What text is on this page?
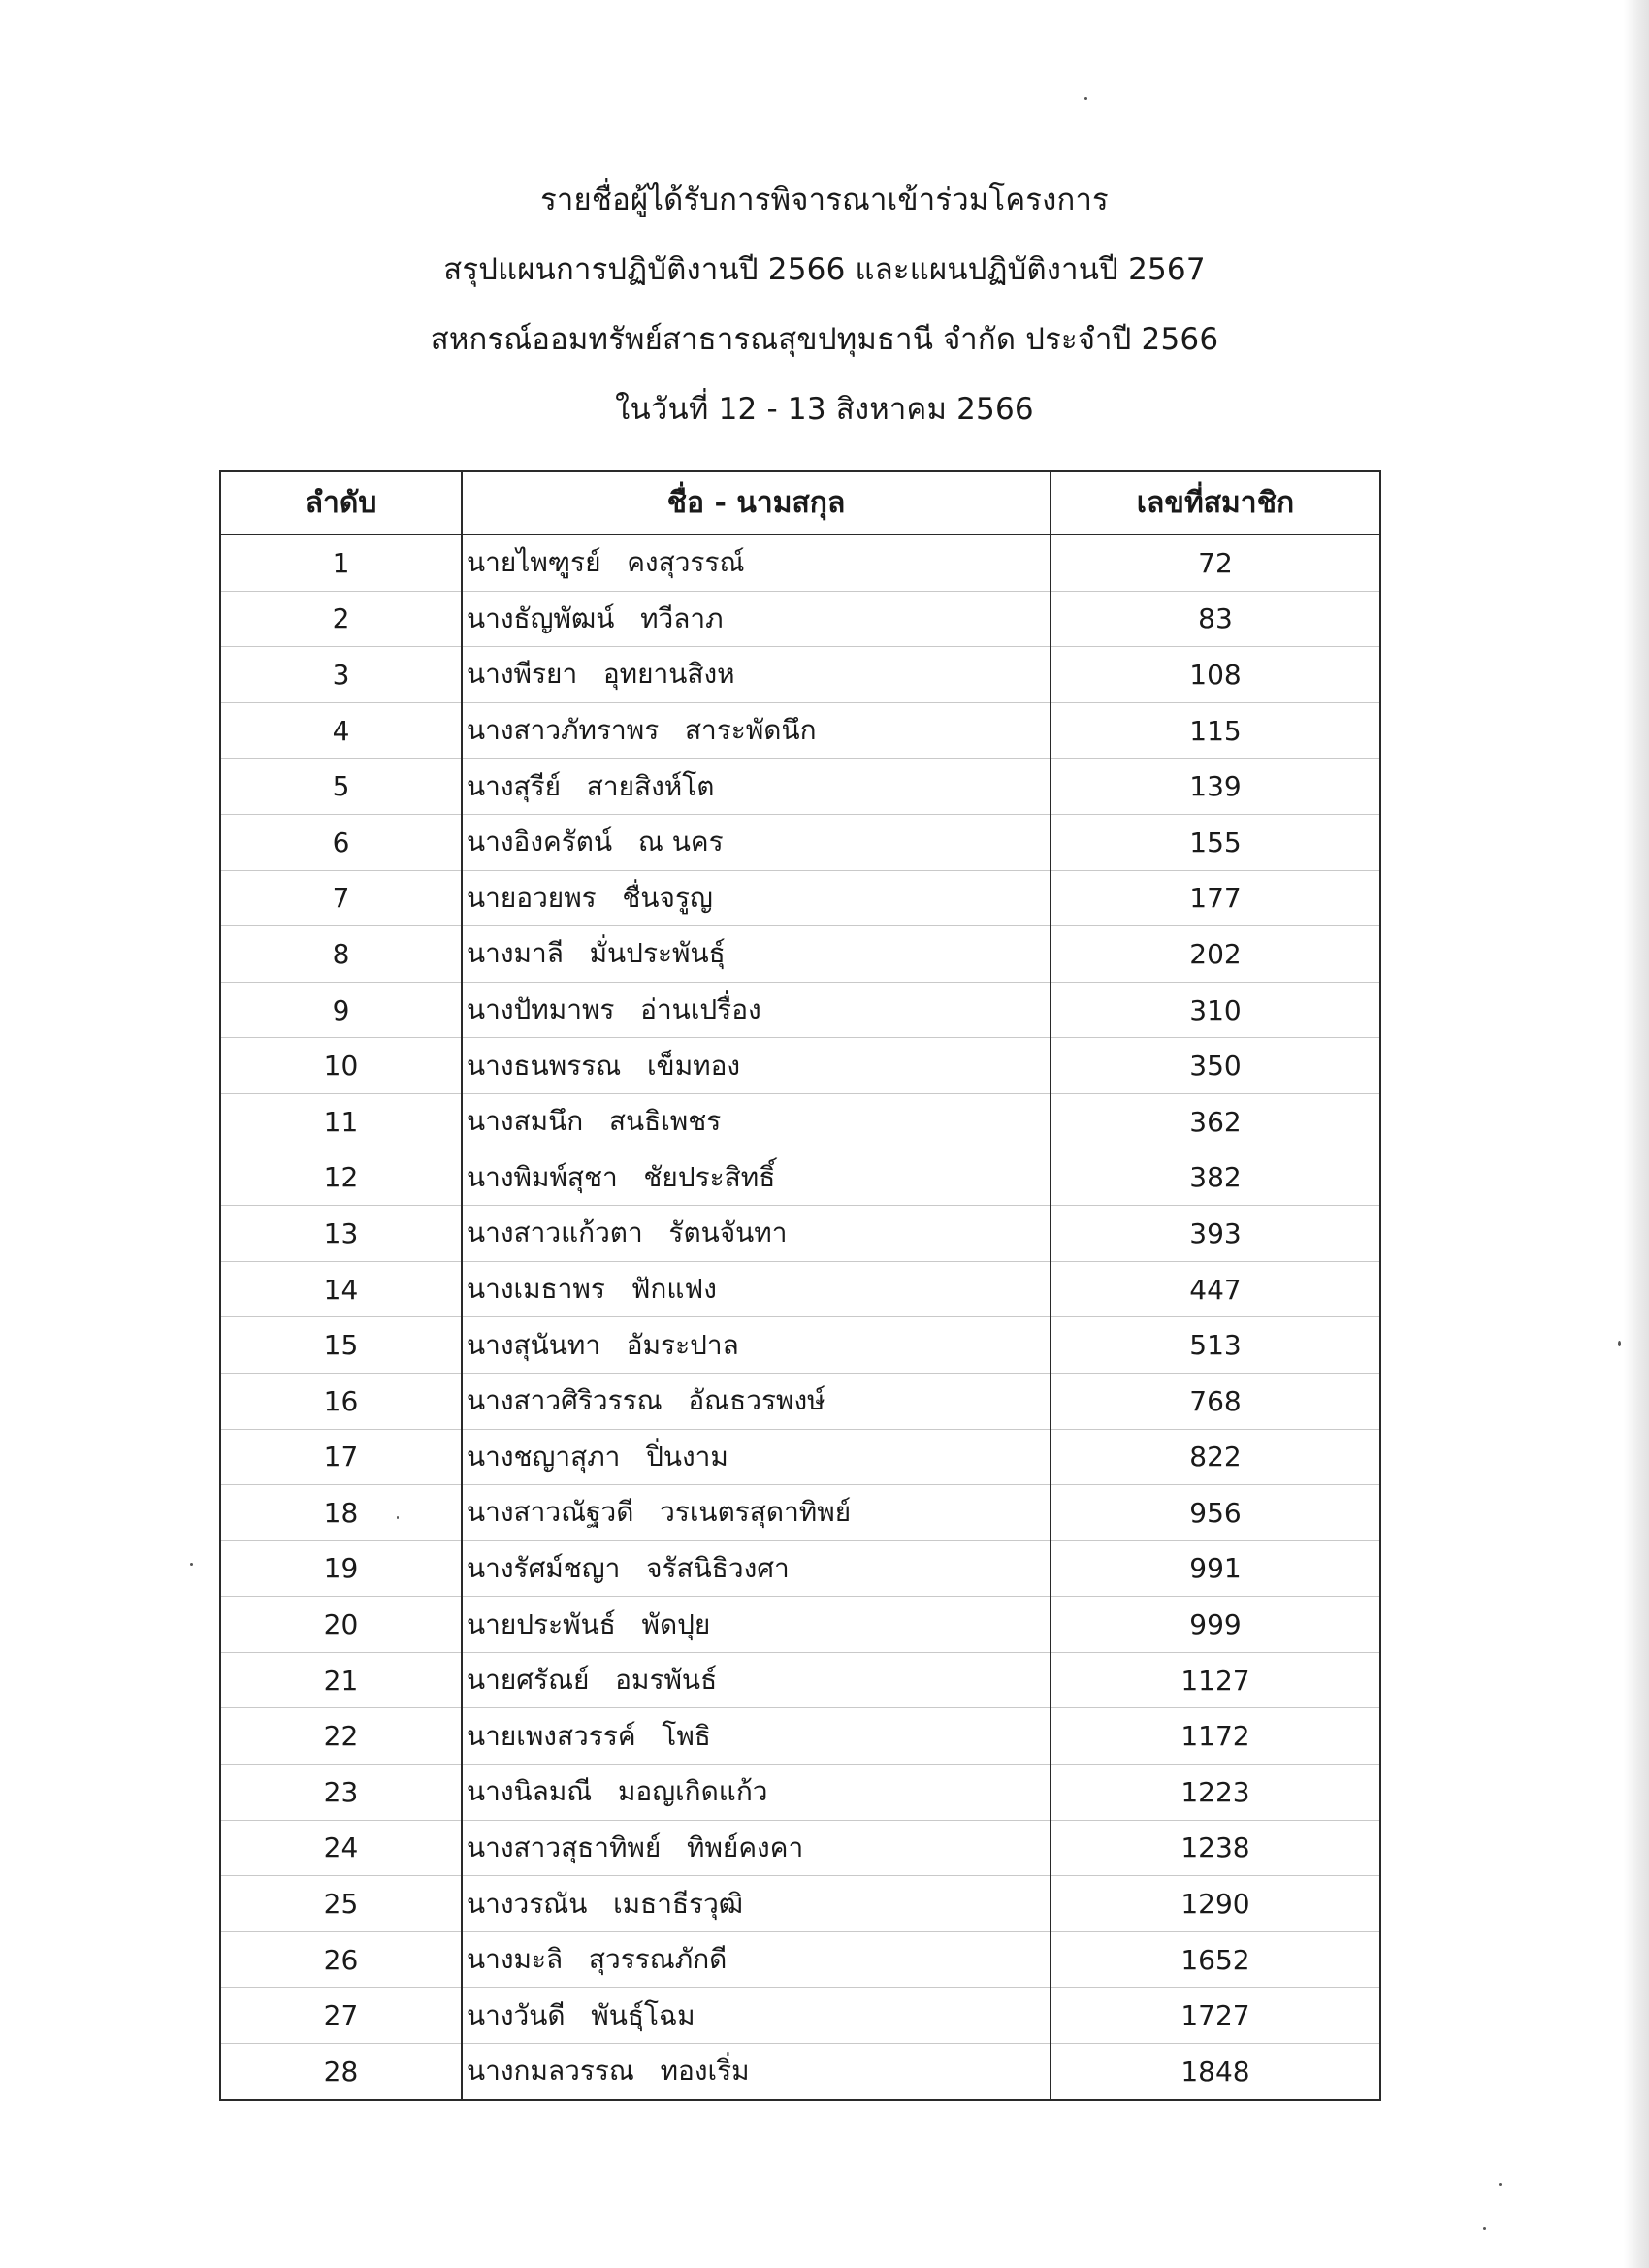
รายชื่อผู้ได้รับการพิจารณาเข้าร่วมโครงการ
สรุปแผนการปฏิบัติงานปี 2566 และแผนปฏิบัติงานปี 2567
สหกรณ์ออมทรัพย์สาธารณสุขปทุมธานี จำกัด ประจำปี 2566
ในวันที่ 12 - 13 สิงหาคม 2566
ลำดับ	ชื่อ - นามสกุล	เลขที่สมาชิก
1	นายไพฑูรย์   คงสุวรรณ์	72
2	นางธัญพัฒน์   ทวีลาภ	83
3	นางพีรยา   อุทยานสิงห	108
4	นางสาวภัทราพร   สาระพัดนึก	115
5	นางสุรีย์   สายสิงห์โต	139
6	นางอิงครัตน์   ณ นคร	155
7	นายอวยพร   ชื่นจรูญ	177
8	นางมาลี   มั่นประพันธุ์	202
9	นางปัทมาพร   อ่านเปรื่อง	310
10	นางธนพรรณ   เข็มทอง	350
11	นางสมนึก   สนธิเพชร	362
12	นางพิมพ์สุชา   ชัยประสิทธิ์	382
13	นางสาวแก้วตา   รัตนจันทา	393
14	นางเมธาพร   ฟักแฟง	447
15	นางสุนันทา   อัมระปาล	513
16	นางสาวศิริวรรณ   อัณธวรพงษ์	768
17	นางชญาสุภา   ปิ่นงาม	822
18	นางสาวณัฐวดี   วรเนตรสุดาทิพย์	956
19	นางรัศม์ชญา   จรัสนิธิวงศา	991
20	นายประพันธ์   พัดปุย	999
21	นายศรัณย์   อมรพันธ์	1127
22	นายเพงสวรรค์   โพธิ	1172
23	นางนิลมณี   มอญเกิดแก้ว	1223
24	นางสาวสุธาทิพย์   ทิพย์คงคา	1238
25	นางวรณัน   เมธาธีรวุฒิ	1290
26	นางมะลิ   สุวรรณภักดี	1652
27	นางวันดี   พันธุ์โฉม	1727
28	นางกมลวรรณ   ทองเริ่ม	1848
